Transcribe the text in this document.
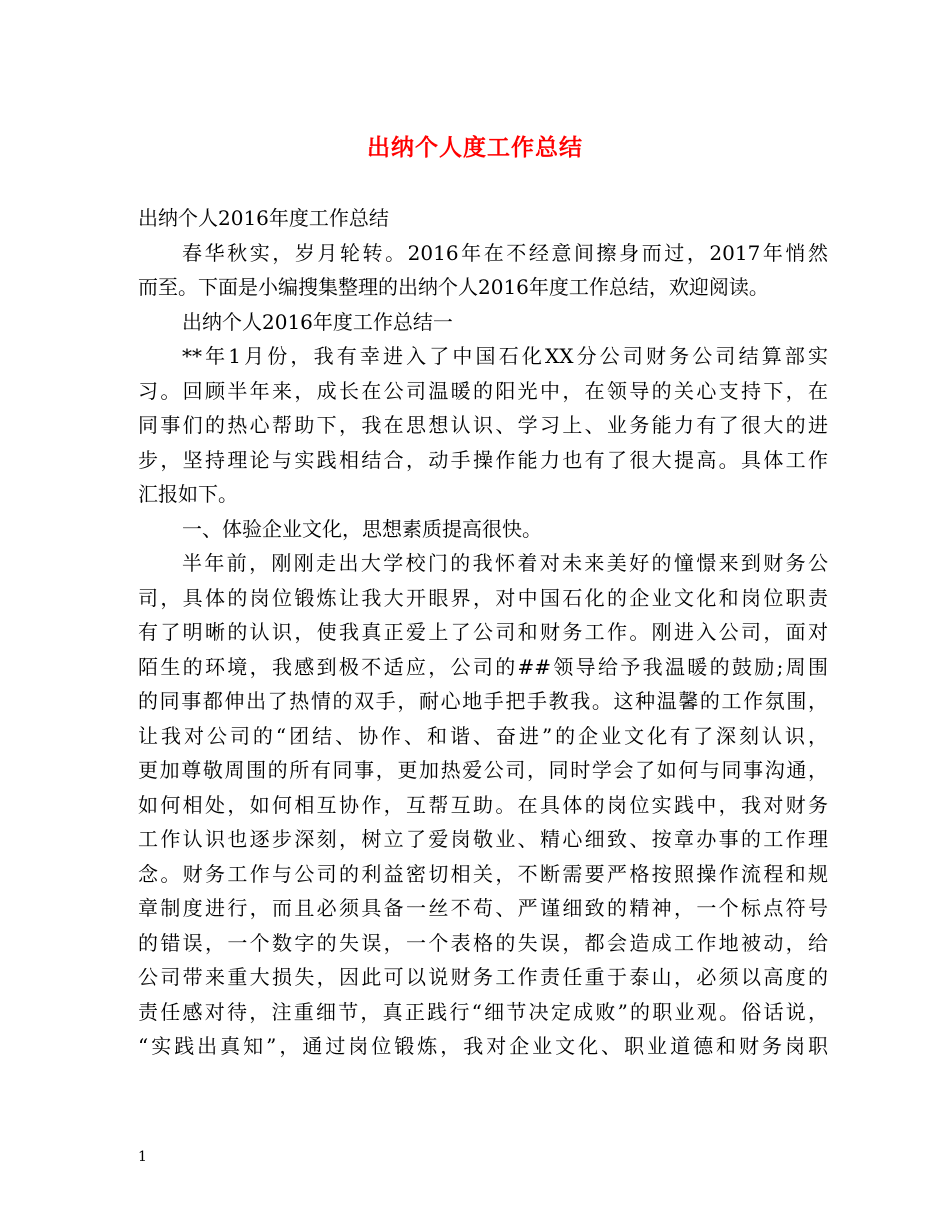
出纳个人度工作总结
出纳个人2016年度工作总结
春华秋实，岁月轮转。2016年在不经意间擦身而过，2017年悄然
而至。下面是小编搜集整理的出纳个人2016年度工作总结，欢迎阅读。
出纳个人2016年度工作总结一
**年1月份，我有幸进入了中国石化XX分公司财务公司结算部实
习。回顾半年来，成长在公司温暖的阳光中，在领导的关心支持下，在
同事们的热心帮助下，我在思想认识、学习上、业务能力有了很大的进
步，坚持理论与实践相结合，动手操作能力也有了很大提高。具体工作
汇报如下。
一、体验企业文化，思想素质提高很快。
半年前，刚刚走出大学校门的我怀着对未来美好的憧憬来到财务公
司，具体的岗位锻炼让我大开眼界，对中国石化的企业文化和岗位职责
有了明晰的认识，使我真正爱上了公司和财务工作。刚进入公司，面对
陌生的环境，我感到极不适应，公司的##领导给予我温暖的鼓励;周围
的同事都伸出了热情的双手，耐心地手把手教我。这种温馨的工作氛围，
让我对公司的“团结、协作、和谐、奋进”的企业文化有了深刻认识，
更加尊敬周围的所有同事，更加热爱公司，同时学会了如何与同事沟通，
如何相处，如何相互协作，互帮互助。在具体的岗位实践中，我对财务
工作认识也逐步深刻，树立了爱岗敬业、精心细致、按章办事的工作理
念。财务工作与公司的利益密切相关，不断需要严格按照操作流程和规
章制度进行，而且必须具备一丝不苟、严谨细致的精神，一个标点符号
的错误，一个数字的失误，一个表格的失误，都会造成工作地被动，给
公司带来重大损失，因此可以说财务工作责任重于泰山，必须以高度的
责任感对待，注重细节，真正践行“细节决定成败”的职业观。俗话说，
“实践出真知”，通过岗位锻炼，我对企业文化、职业道德和财务岗职
1
